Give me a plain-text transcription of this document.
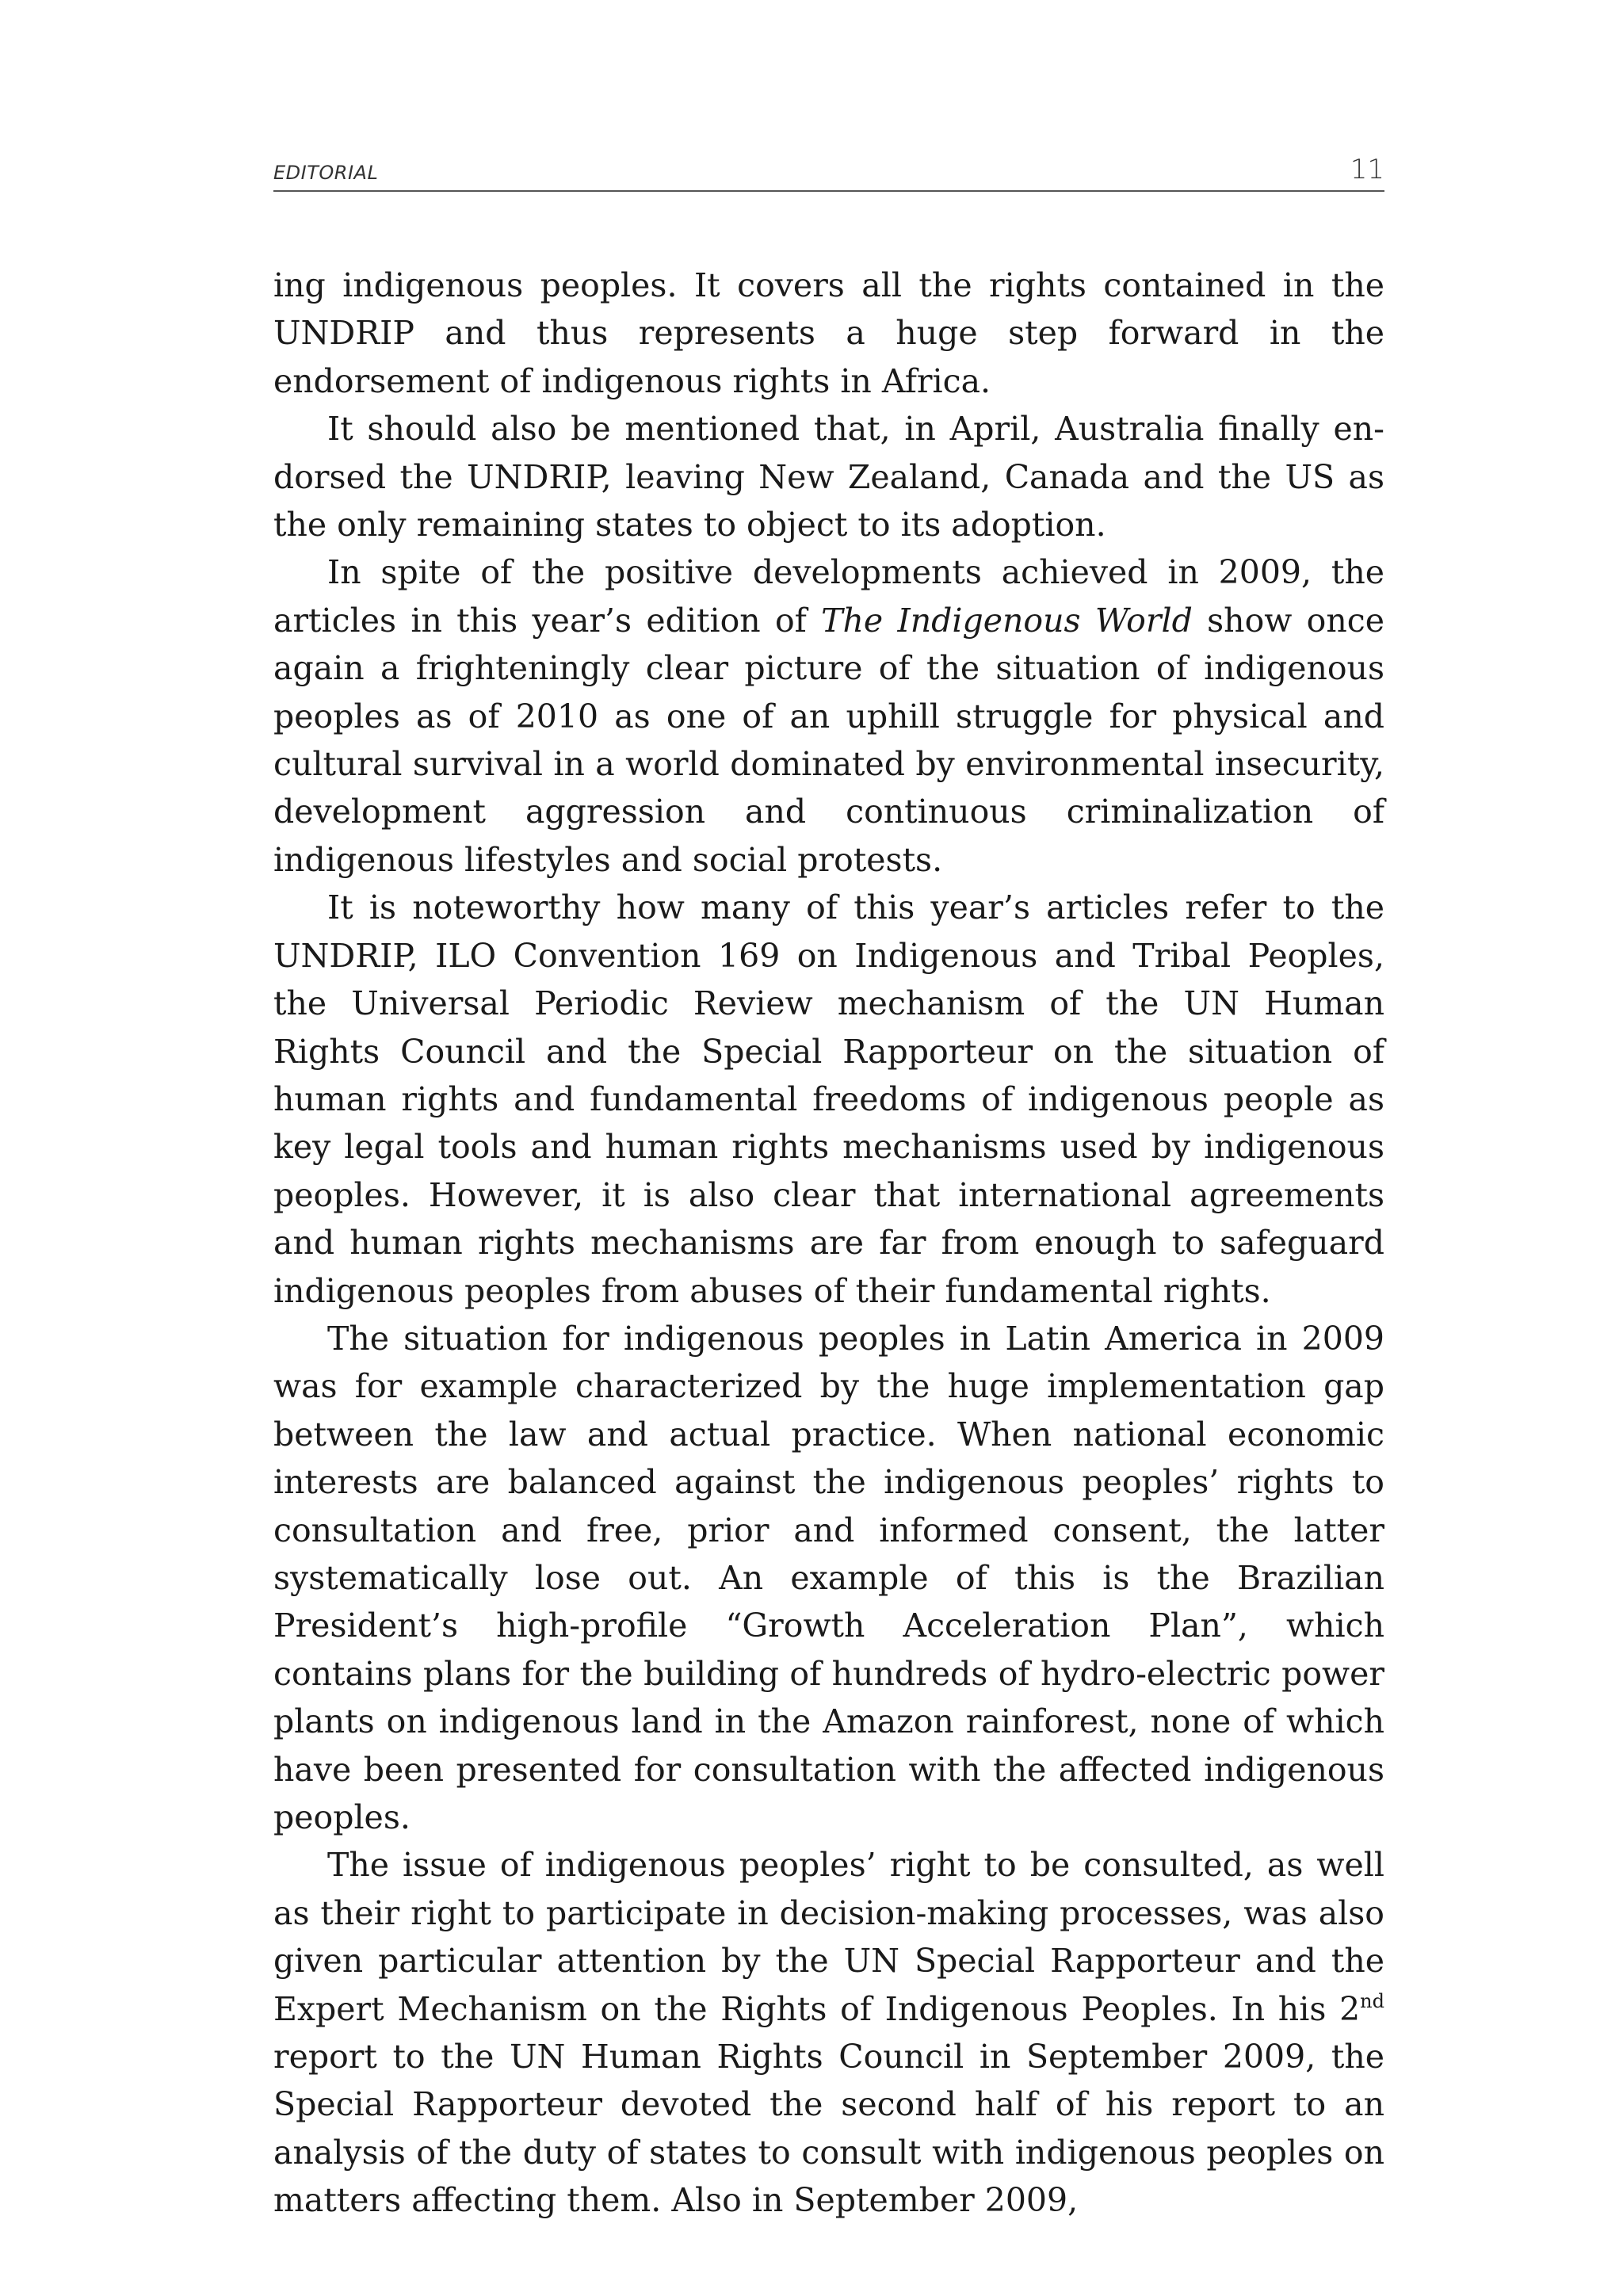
EDITORIAL	11

ing indigenous peoples. It covers all the rights contained in the UNDRIP and thus represents a huge step forward in the endorsement of indigenous rights in Africa.

It should also be mentioned that, in April, Australia finally endorsed the UNDRIP, leaving New Zealand, Canada and the US as the only remaining states to object to its adoption.

In spite of the positive developments achieved in 2009, the articles in this year’s edition of The Indigenous World show once again a frighteningly clear picture of the situation of indigenous peoples as of 2010 as one of an uphill struggle for physical and cultural survival in a world dominated by environmental insecurity, development aggression and continuous criminalization of indigenous lifestyles and social protests.

It is noteworthy how many of this year’s articles refer to the UNDRIP, ILO Convention 169 on Indigenous and Tribal Peoples, the Universal Periodic Review mechanism of the UN Human Rights Council and the Special Rapporteur on the situation of human rights and fundamental freedoms of indigenous people as key legal tools and human rights mechanisms used by indigenous peoples. However, it is also clear that international agreements and human rights mechanisms are far from enough to safeguard indigenous peoples from abuses of their fundamental rights.

The situation for indigenous peoples in Latin America in 2009 was for example characterized by the huge implementation gap between the law and actual practice. When national economic interests are balanced against the indigenous peoples’ rights to consultation and free, prior and informed consent, the latter systematically lose out. An example of this is the Brazilian President’s high-profile “Growth Acceleration Plan”, which contains plans for the building of hundreds of hydro-electric power plants on indigenous land in the Amazon rainforest, none of which have been presented for consultation with the affected indigenous peoples.

The issue of indigenous peoples’ right to be consulted, as well as their right to participate in decision-making processes, was also given particular attention by the UN Special Rapporteur and the Expert Mechanism on the Rights of Indigenous Peoples. In his 2nd report to the UN Human Rights Council in September 2009, the Special Rapporteur devoted the second half of his report to an analysis of the duty of states to consult with indigenous peoples on matters affecting them. Also in September 2009,
